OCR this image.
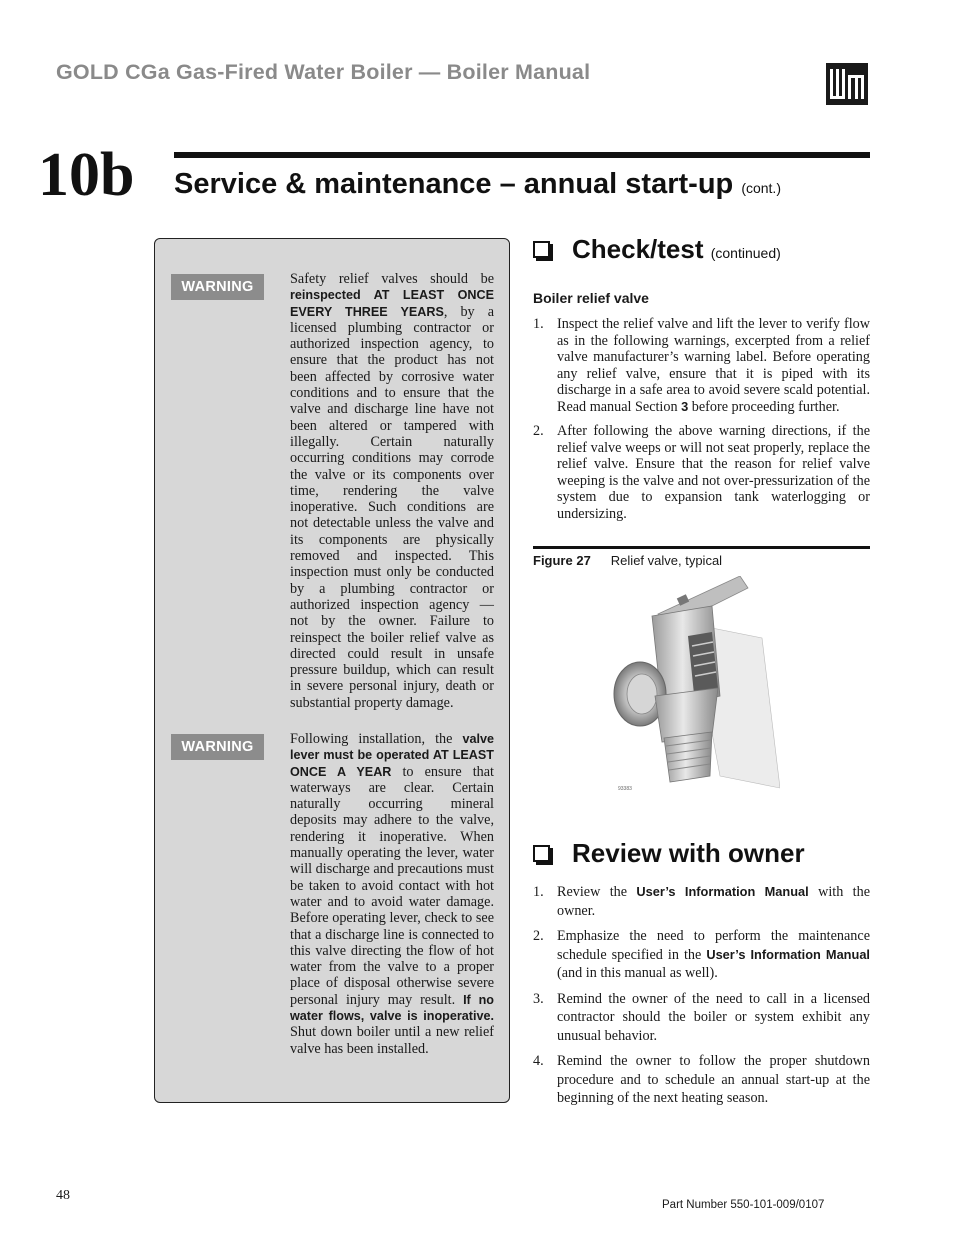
GOLD CGa Gas-Fired Water Boiler — Boiler Manual
10b Service & maintenance – annual start-up (cont.)
WARNING	Safety relief valves should be reinspected AT LEAST ONCE EVERY THREE YEARS, by a licensed plumbing contractor or authorized inspection agency, to ensure that the product has not been affected by corrosive water conditions and to ensure that the valve and discharge line have not been altered or tampered with illegally. Certain naturally occurring conditions may corrode the valve or its components over time, rendering the valve inoperative. Such conditions are not detectable unless the valve and its components are physically removed and inspected. This inspection must only be conducted by a plumbing contractor or authorized inspection agency — not by the owner. Failure to reinspect the boiler relief valve as directed could result in unsafe pressure buildup, which can result in severe personal injury, death or substantial property damage.
WARNING	Following installation, the valve lever must be operated AT LEAST ONCE A YEAR to ensure that waterways are clear. Certain naturally occurring mineral deposits may adhere to the valve, rendering it inoperative. When manually operating the lever, water will discharge and precautions must be taken to avoid contact with hot water and to avoid water damage. Before operating lever, check to see that a discharge line is connected to this valve directing the flow of hot water from the valve to a proper place of disposal otherwise severe personal injury may result. If no water flows, valve is inoperative. Shut down boiler until a new relief valve has been installed.
Check/test (continued)
Boiler relief valve
1. Inspect the relief valve and lift the lever to verify flow as in the following warnings, excerpted from a relief valve manufacturer’s warning label. Before operating any relief valve, ensure that it is piped with its discharge in a safe area to avoid severe scald potential. Read manual Section 3 before proceeding further.
2. After following the above warning directions, if the relief valve weeps or will not seat properly, replace the relief valve. Ensure that the reason for relief valve weeping is the valve and not over-pressurization of the system due to expansion tank waterlogging or undersizing.
Figure 27 Relief valve, typical
93383
Review with owner
1. Review the User’s Information Manual with the owner.
2. Emphasize the need to perform the maintenance schedule specified in the User’s Information Manual (and in this manual as well).
3. Remind the owner of the need to call in a licensed contractor should the boiler or system exhibit any unusual behavior.
4. Remind the owner to follow the proper shutdown procedure and to schedule an annual start-up at the beginning of the next heating season.
48
Part Number 550-101-009/0107
